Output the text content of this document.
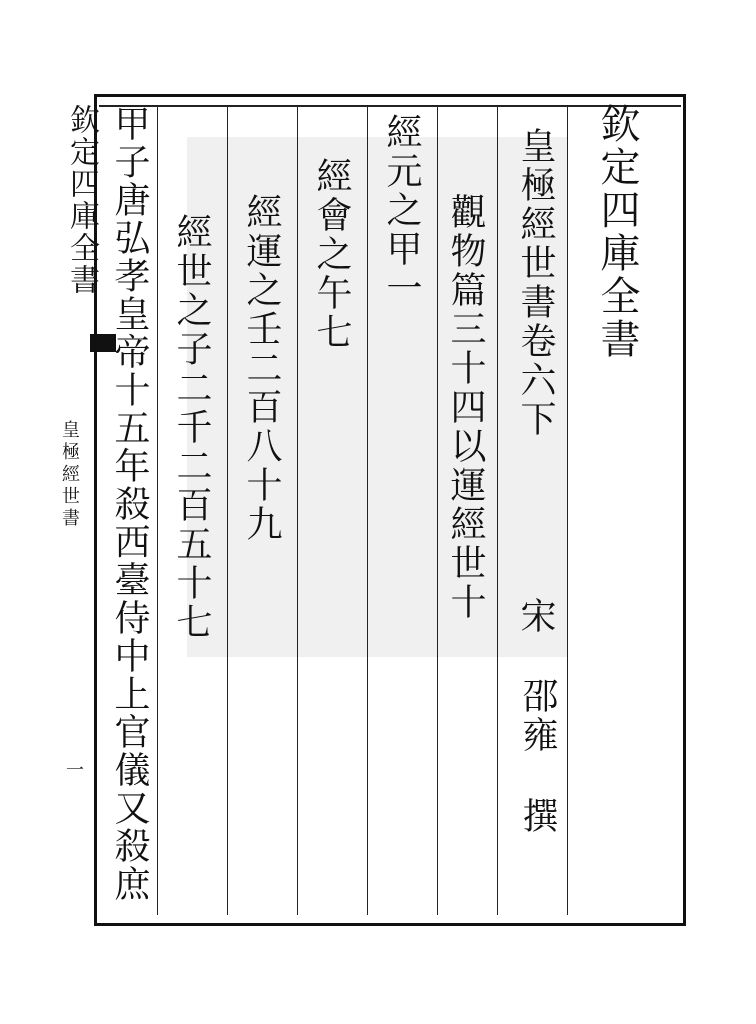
欽定四庫全書
皇極經世書
一
欽定四庫全書
皇極經世書卷六下
宋
邵雍
撰
觀物篇三十四以運經世十
經元之甲一
經會之午七
經運之壬二百八十九
經世之子二千二百五十七
甲子唐弘孝皇帝十五年殺西臺侍中上官儀又殺庶
